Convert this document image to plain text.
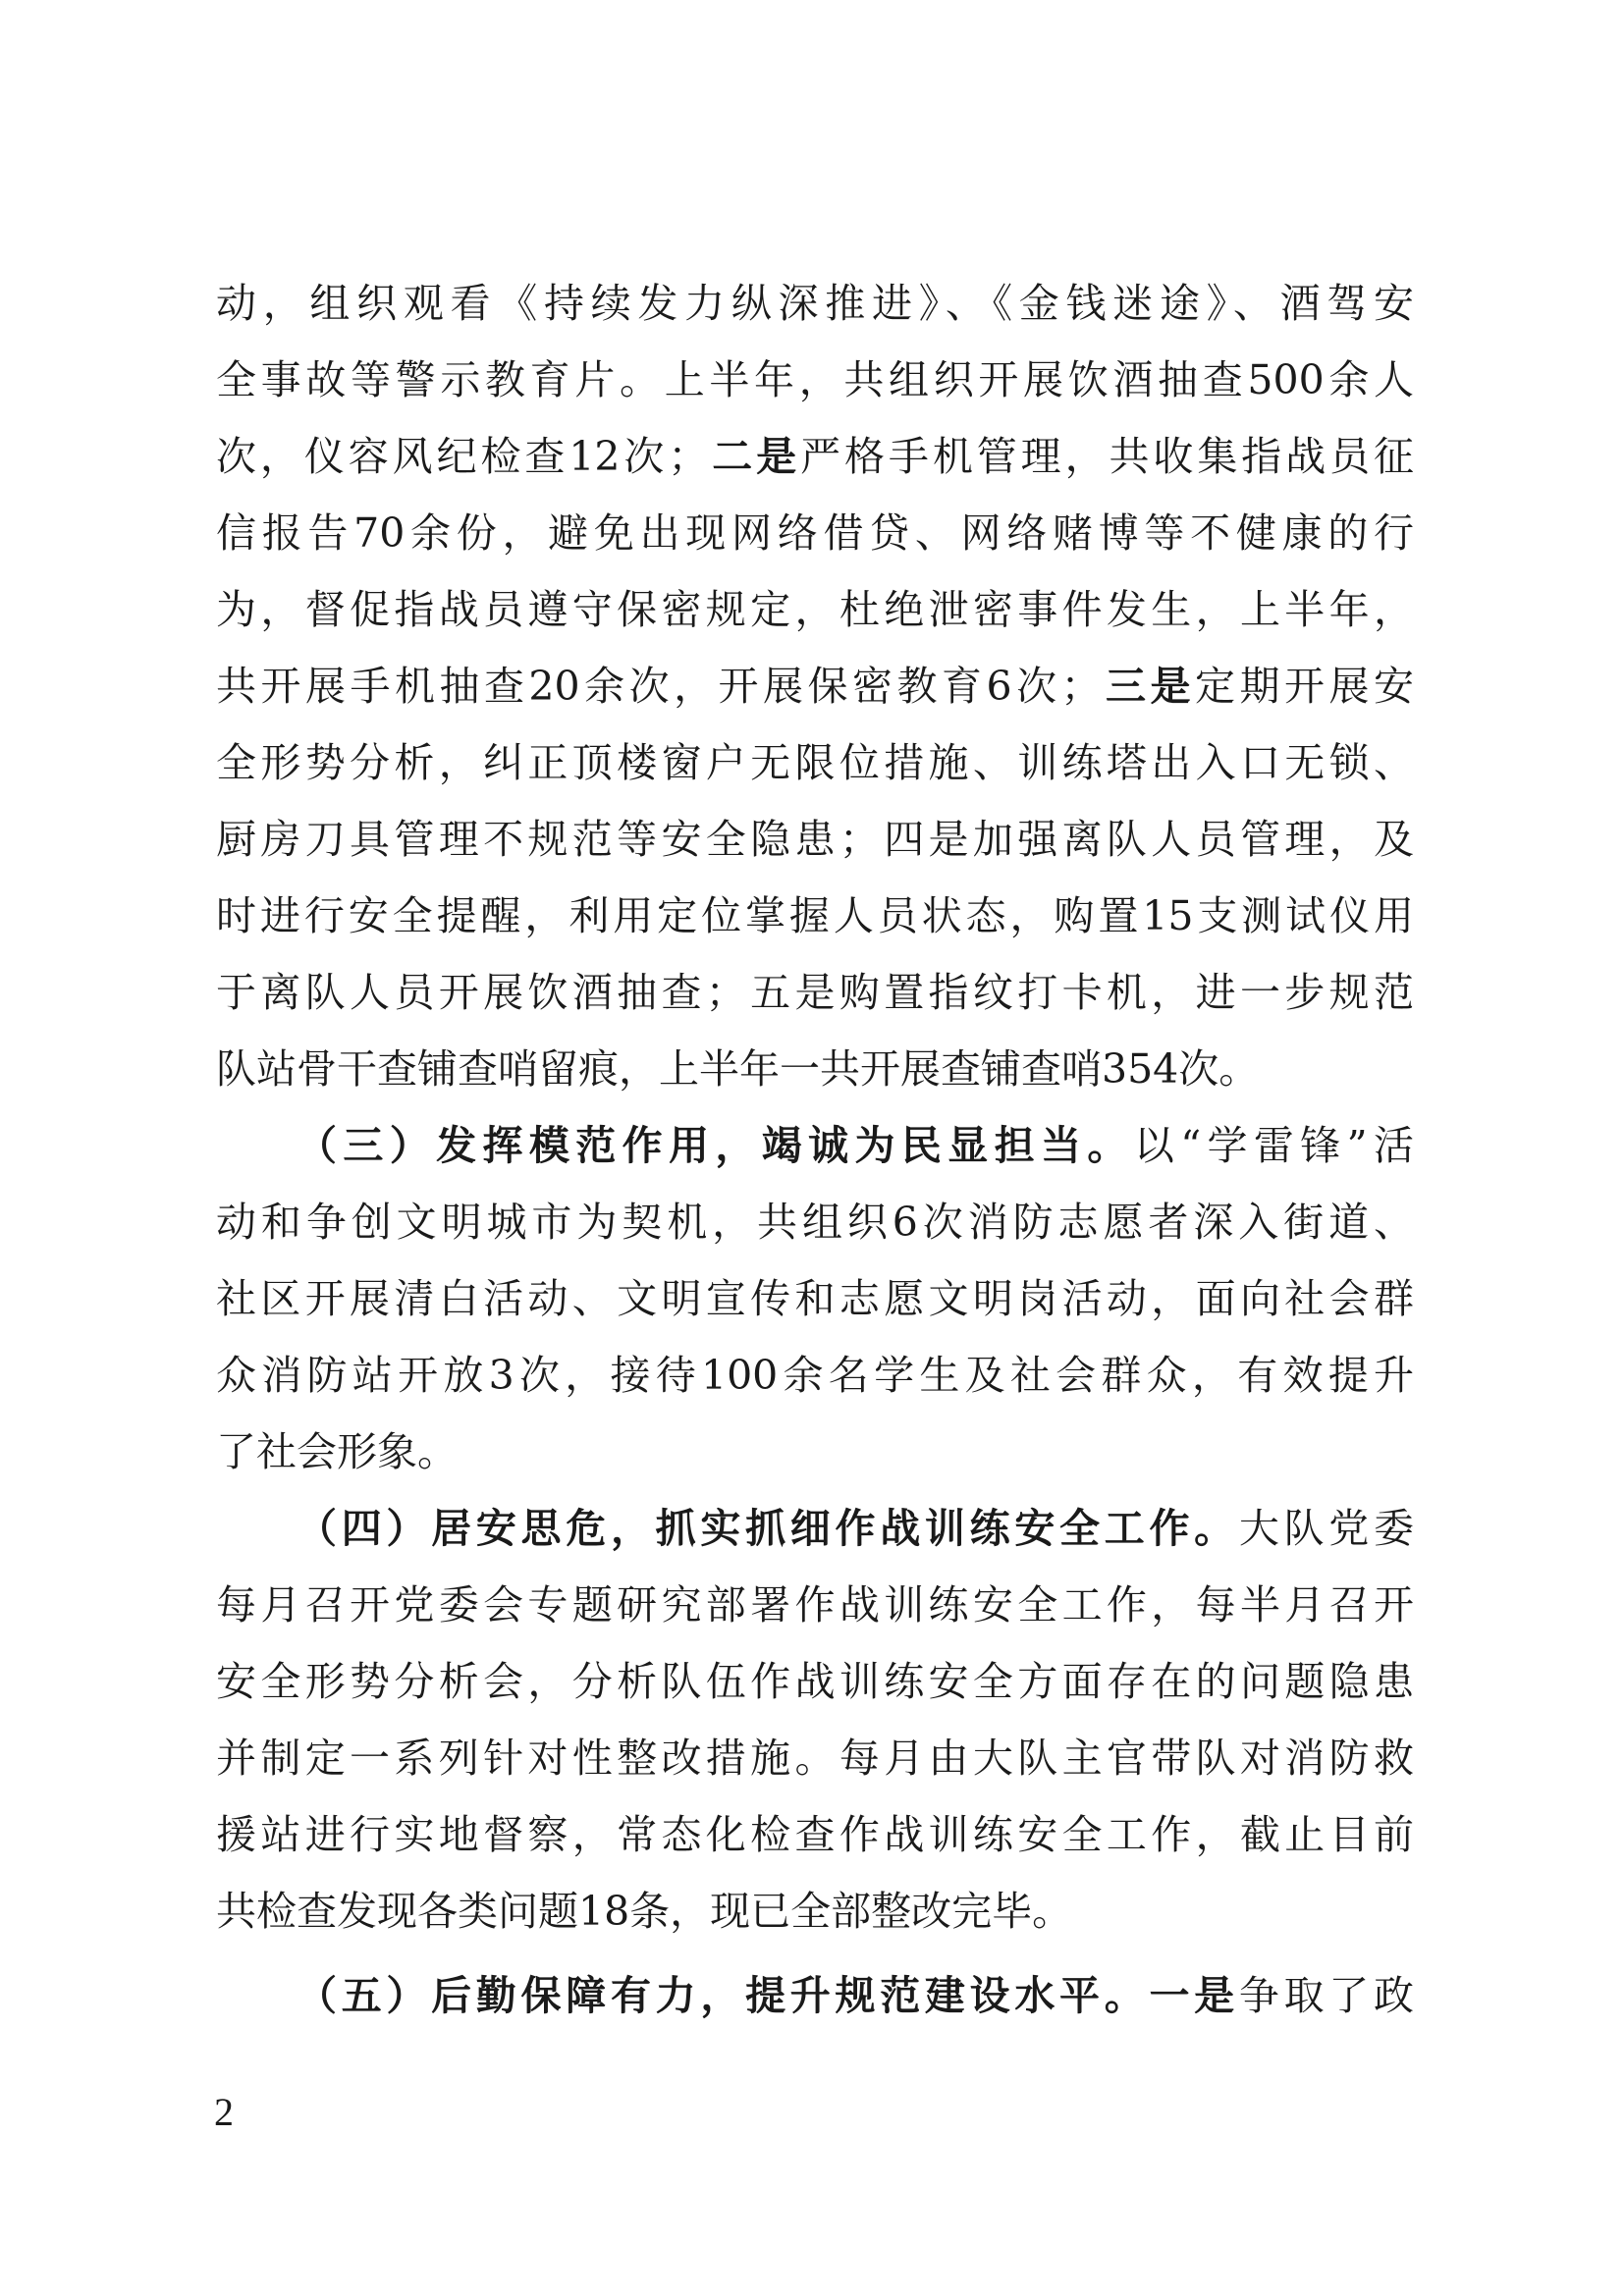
动，组织观看《持续发力纵深推进》、《金钱迷途》、酒驾安
全事故等警示教育片。上半年，共组织开展饮酒抽查500余人
次，仪容风纪检查12次；二是严格手机管理，共收集指战员征
信报告70余份，避免出现网络借贷、网络赌博等不健康的行
为，督促指战员遵守保密规定，杜绝泄密事件发生，上半年，
共开展手机抽查20余次，开展保密教育6次；三是定期开展安
全形势分析，纠正顶楼窗户无限位措施、训练塔出入口无锁、
厨房刀具管理不规范等安全隐患；四是加强离队人员管理，及
时进行安全提醒，利用定位掌握人员状态，购置15支测试仪用
于离队人员开展饮酒抽查；五是购置指纹打卡机，进一步规范
队站骨干查铺查哨留痕，上半年一共开展查铺查哨354次。
（三）发挥模范作用，竭诚为民显担当。以“学雷锋”活
动和争创文明城市为契机，共组织6次消防志愿者深入街道、
社区开展清白活动、文明宣传和志愿文明岗活动，面向社会群
众消防站开放3次，接待100余名学生及社会群众，有效提升
了社会形象。
（四）居安思危，抓实抓细作战训练安全工作。大队党委
每月召开党委会专题研究部署作战训练安全工作，每半月召开
安全形势分析会，分析队伍作战训练安全方面存在的问题隐患
并制定一系列针对性整改措施。每月由大队主官带队对消防救
援站进行实地督察，常态化检查作战训练安全工作，截止目前
共检查发现各类问题18条，现已全部整改完毕。
2
（五）后勤保障有力，提升规范建设水平。一是争取了政
